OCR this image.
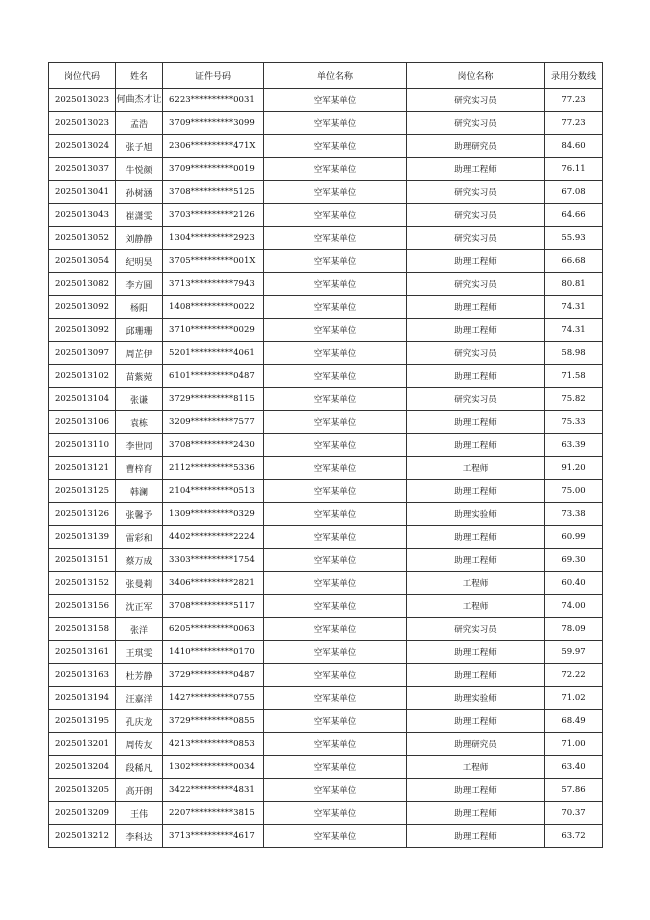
岗位代码	姓名	证件号码	单位名称	岗位名称	录用分数线
2025013023	何曲杰才让	6223**********0031	空军某单位	研究实习员	77.23
2025013023	孟浩	3709**********3099	空军某单位	研究实习员	77.23
2025013024	张子旭	2306**********471X	空军某单位	助理研究员	84.60
2025013037	牛悦颜	3709**********0019	空军某单位	助理工程师	76.11
2025013041	孙树涵	3708**********5125	空军某单位	研究实习员	67.08
2025013043	崔潇雯	3703**********2126	空军某单位	研究实习员	64.66
2025013052	刘静静	1304**********2923	空军某单位	研究实习员	55.93
2025013054	纪明昊	3705**********001X	空军某单位	助理工程师	66.68
2025013082	李方圆	3713**********7943	空军某单位	研究实习员	80.81
2025013092	杨阳	1408**********0022	空军某单位	助理工程师	74.31
2025013092	邱珊珊	3710**********0029	空军某单位	助理工程师	74.31
2025013097	周芷伊	5201**********4061	空军某单位	研究实习员	58.98
2025013102	苗紫菀	6101**********0487	空军某单位	助理工程师	71.58
2025013104	张谦	3729**********8115	空军某单位	研究实习员	75.82
2025013106	袁栋	3209**********7577	空军某单位	助理工程师	75.33
2025013110	李世同	3708**********2430	空军某单位	助理工程师	63.39
2025013121	曹梓育	2112**********5336	空军某单位	工程师	91.20
2025013125	韩澜	2104**********0513	空军某单位	助理工程师	75.00
2025013126	张馨予	1309**********0329	空军某单位	助理实验师	73.38
2025013139	雷彩和	4402**********2224	空军某单位	助理工程师	60.99
2025013151	蔡万成	3303**********1754	空军某单位	助理工程师	69.30
2025013152	张曼莉	3406**********2821	空军某单位	工程师	60.40
2025013156	沈正军	3708**********5117	空军某单位	工程师	74.00
2025013158	张洋	6205**********0063	空军某单位	研究实习员	78.09
2025013161	王琪雯	1410**********0170	空军某单位	助理工程师	59.97
2025013163	杜芳静	3729**********0487	空军某单位	助理工程师	72.22
2025013194	汪嘉洋	1427**********0755	空军某单位	助理实验师	71.02
2025013195	孔庆龙	3729**********0855	空军某单位	助理工程师	68.49
2025013201	周传友	4213**********0853	空军某单位	助理研究员	71.00
2025013204	段稀凡	1302**********0034	空军某单位	工程师	63.40
2025013205	高开朗	3422**********4831	空军某单位	助理工程师	57.86
2025013209	王伟	2207**********3815	空军某单位	助理工程师	70.37
2025013212	李科达	3713**********4617	空军某单位	助理工程师	63.72
